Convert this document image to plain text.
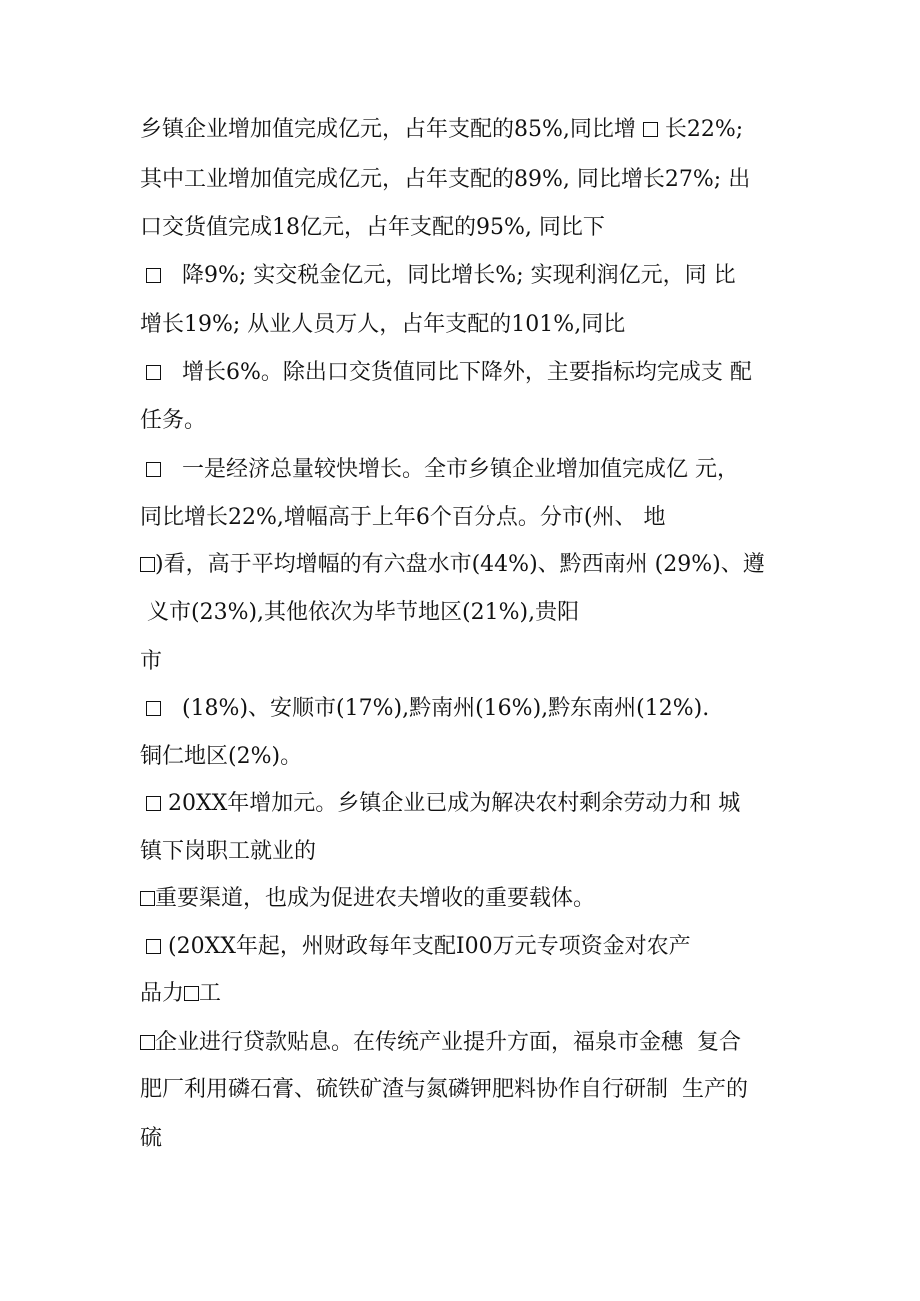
乡镇企业增加值完成亿元，占年支配的85%,同比增  长22%;
其中工业增加值完成亿元，占年支配的89%, 同比增长27%; 出
口交货值完成18亿元，占年支配的95%, 同比下
降9%; 实交税金亿元，同比增长%; 实现利润亿元，同 比
增长19%; 从业人员万人，占年支配的101%,同比
增长6%。除出口交货值同比下降外，主要指标均完成支 配
任务。
一是经济总量较快增长。全市乡镇企业增加值完成亿 元，
同比增长22%,增幅高于上年6个百分点。分市(州、 地
)看，高于平均增幅的有六盘水市(44%)、黔西南州 (29%)、遵
义市(23%),其他依次为毕节地区(21%),贵阳
市
(18%)、安顺市(17%),黔南州(16%),黔东南州(12%).
铜仁地区(2%)。
20XX年增加元。乡镇企业已成为解决农村剩余劳动力和 城
镇下岗职工就业的
重要渠道，也成为促进农夫增收的重要载体。
(20XX年起，州财政每年支配I00万元专项资金对农产
品力 工
企业进行贷款贴息。在传统产业提升方面，福泉市金穗  复合
肥厂利用磷石膏、硫铁矿渣与氮磷钾肥料协作自行研制  生产的
硫
